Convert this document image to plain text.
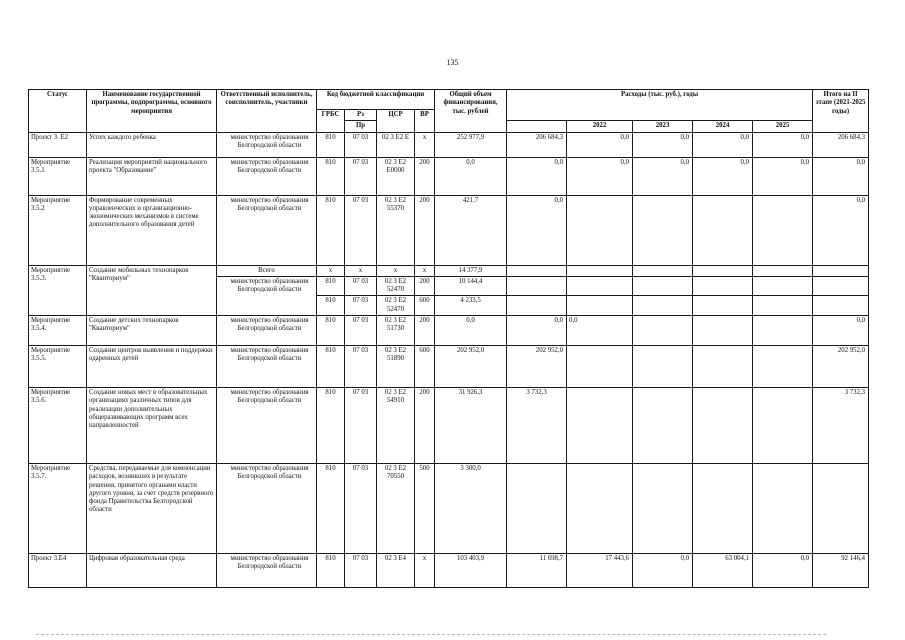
135
Статус	Наименование государственной программы, подпрограммы, основного мероприятия	Ответственный исполнитель, соисполнитель, участники	Код бюджетной классификации				Общий объем финансирования, тыс. рублей	Расходы (тыс. руб.), годы					Итого на II этапе (2021-2025 годы)
			ГРБС	Рз	ЦСР	ВР							
				Пр					2022	2023	2024	2025	
Проект 3. Е2	Успех каждого ребенка	министерство образования Белгородской области	810	07 03	02 3 Е2 Е	х	252 977,9	206 684,3	0,0	0,0	0,0	0,0	206 684,3
Мероприятие 3.5.1	Реализация мероприятий национального проекта "Образование"	министерство образования Белгородской области	810	07 03	02 3 Е2 Е0000	200	0,0	0,0	0,0	0,0	0,0	0,0	0,0
Мероприятие 3.5.2	Формирование современных управленческих и организационно-экономических механизмов в системе дополнительного образования детей	министерство образования Белгородской области	810	07 03	02 3 Е2 55370	200	421,7	0,0					0,0
Мероприятие 3.5.3.	Создание мобильных технопарков "Кванториум"	Всего	х	х	х	х	14 377,9						
		министерство образования Белгородской области	810	07 03	02 3 Е2 52470	200	10 144,4						
			810	07 03	02 3 Е2 52470	600	4 233,5						
Мероприятие 3.5.4.	Создание детских технопарков "Кванториум"	министерство образования Белгородской области	810	07 03	02 3 Е2 51730	200	0,0	0,0	0,0				0,0
Мероприятие 3.5.5.	Создание центров выявления и поддержки одаренных детей	министерство образования Белгородской области	810	07 03	02 3 Е2 51890	600	202 952,0	202 952,0					202 952,0
Мероприятие 3.5.6.	Создание новых мест в образовательных организациях различных типов для реализации дополнительных общеразвивающих программ всех направленностей	министерство образования Белгородской области	810	07 03	02 3 Е2 54910	200	31 926,3	3 732,3					3 732,3
Мероприятие 3.5.7.	Средства, передаваемые для компенсации расходов, возникших в результате решения, принятого органами власти другого уровня, за счет средств резервного фонда Правительства Белгородской области	министерство образования Белгородской области	810	07 03	02 3 Е2 70550	500	3 300,0						
Проект 3.Е4	Цифровая образовательная среда	министерство образования Белгородской области	810	07 03	02 3 Е4	х	103 403,9	11 698,7	17 443,6	0,0	63 004,1	0,0	92 146,4
